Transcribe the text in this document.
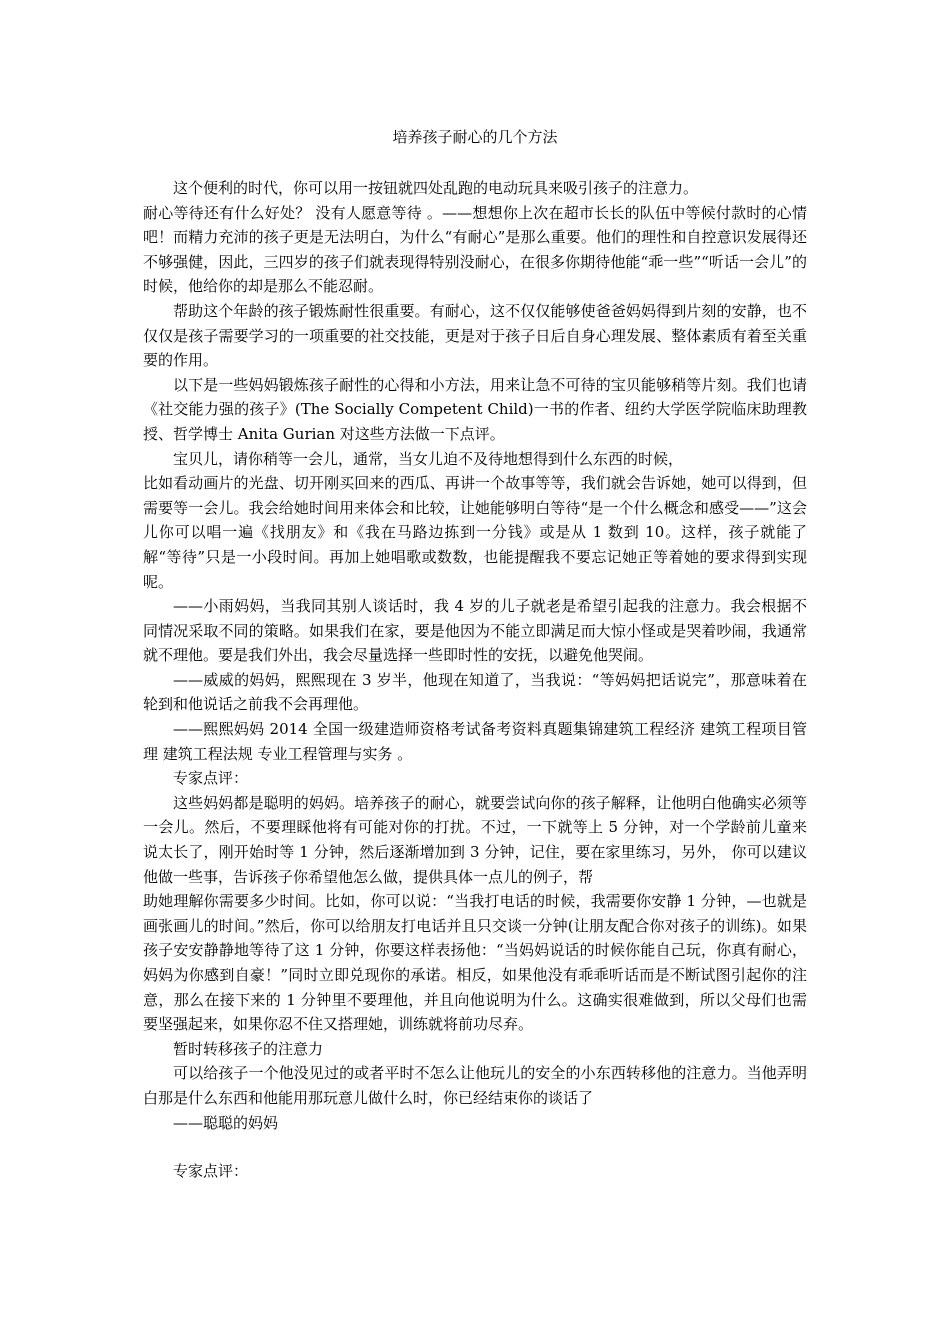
培养孩子耐心的几个方法

这个便利的时代，你可以用一按钮就四处乱跑的电动玩具来吸引孩子的注意力。

耐心等待还有什么好处？ 没有人愿意等待 。——想想你上次在超市长长的队伍中等候付款时的心情吧！而精力充沛的孩子更是无法明白，为什么“有耐心”是那么重要。他们的理性和自控意识发展得还不够强健，因此，三四岁的孩子们就表现得特别没耐心，在很多你期待他能“乖一些”“听话一会儿”的时候，他给你的却是那么不能忍耐。

帮助这个年龄的孩子锻炼耐性很重要。有耐心，这不仅仅能够使爸爸妈妈得到片刻的安静，也不仅仅是孩子需要学习的一项重要的社交技能，更是对于孩子日后自身心理发展、整体素质有着至关重要的作用。

以下是一些妈妈锻炼孩子耐性的心得和小方法，用来让急不可待的宝贝能够稍等片刻。我们也请《社交能力强的孩子》(The Socially Competent Child)一书的作者、纽约大学医学院临床助理教授、哲学博士 Anita Gurian 对这些方法做一下点评。

宝贝儿，请你稍等一会儿，通常，当女儿迫不及待地想得到什么东西的时候，

比如看动画片的光盘、切开刚买回来的西瓜、再讲一个故事等等，我们就会告诉她，她可以得到，但需要等一会儿。我会给她时间用来体会和比较，让她能够明白等待“是一个什么概念和感受——”这会儿你可以唱一遍《找朋友》和《我在马路边拣到一分钱》或是从 1 数到 10。这样，孩子就能了解“等待”只是一小段时间。再加上她唱歌或数数，也能提醒我不要忘记她正等着她的要求得到实现呢。

——小雨妈妈，当我同其别人谈话时，我 4 岁的儿子就老是希望引起我的注意力。我会根据不同情况采取不同的策略。如果我们在家，要是他因为不能立即满足而大惊小怪或是哭着吵闹，我通常就不理他。要是我们外出，我会尽量选择一些即时性的安抚，以避免他哭闹。

——威威的妈妈，熙熙现在 3 岁半，他现在知道了，当我说：“等妈妈把话说完”，那意味着在轮到和他说话之前我不会再理他。

——熙熙妈妈 2014 全国一级建造师资格考试备考资料真题集锦建筑工程经济 建筑工程项目管理 建筑工程法规 专业工程管理与实务 。

专家点评：

这些妈妈都是聪明的妈妈。培养孩子的耐心，就要尝试向你的孩子解释，让他明白他确实必须等一会儿。然后，不要理睬他将有可能对你的打扰。不过，一下就等上 5 分钟，对一个学龄前儿童来说太长了，刚开始时等 1 分钟，然后逐渐增加到 3 分钟，记住，要在家里练习，另外， 你可以建议他做一些事，告诉孩子你希望他怎么做，提供具体一点儿的例子，帮

助她理解你需要多少时间。比如，你可以说：“当我打电话的时候，我需要你安静 1 分钟，—也就是画张画儿的时间。”然后，你可以给朋友打电话并且只交谈一分钟(让朋友配合你对孩子的训练)。如果孩子安安静静地等待了这 1 分钟，你要这样表扬他：“当妈妈说话的时候你能自己玩，你真有耐心，妈妈为你感到自豪！”同时立即兑现你的承诺。相反，如果他没有乖乖听话而是不断试图引起你的注意，那么在接下来的 1 分钟里不要理他，并且向他说明为什么。这确实很难做到，所以父母们也需要坚强起来，如果你忍不住又搭理她，训练就将前功尽弃。

暂时转移孩子的注意力

可以给孩子一个他没见过的或者平时不怎么让他玩儿的安全的小东西转移他的注意力。当他弄明白那是什么东西和他能用那玩意儿做什么时，你已经结束你的谈话了

——聪聪的妈妈

专家点评：
